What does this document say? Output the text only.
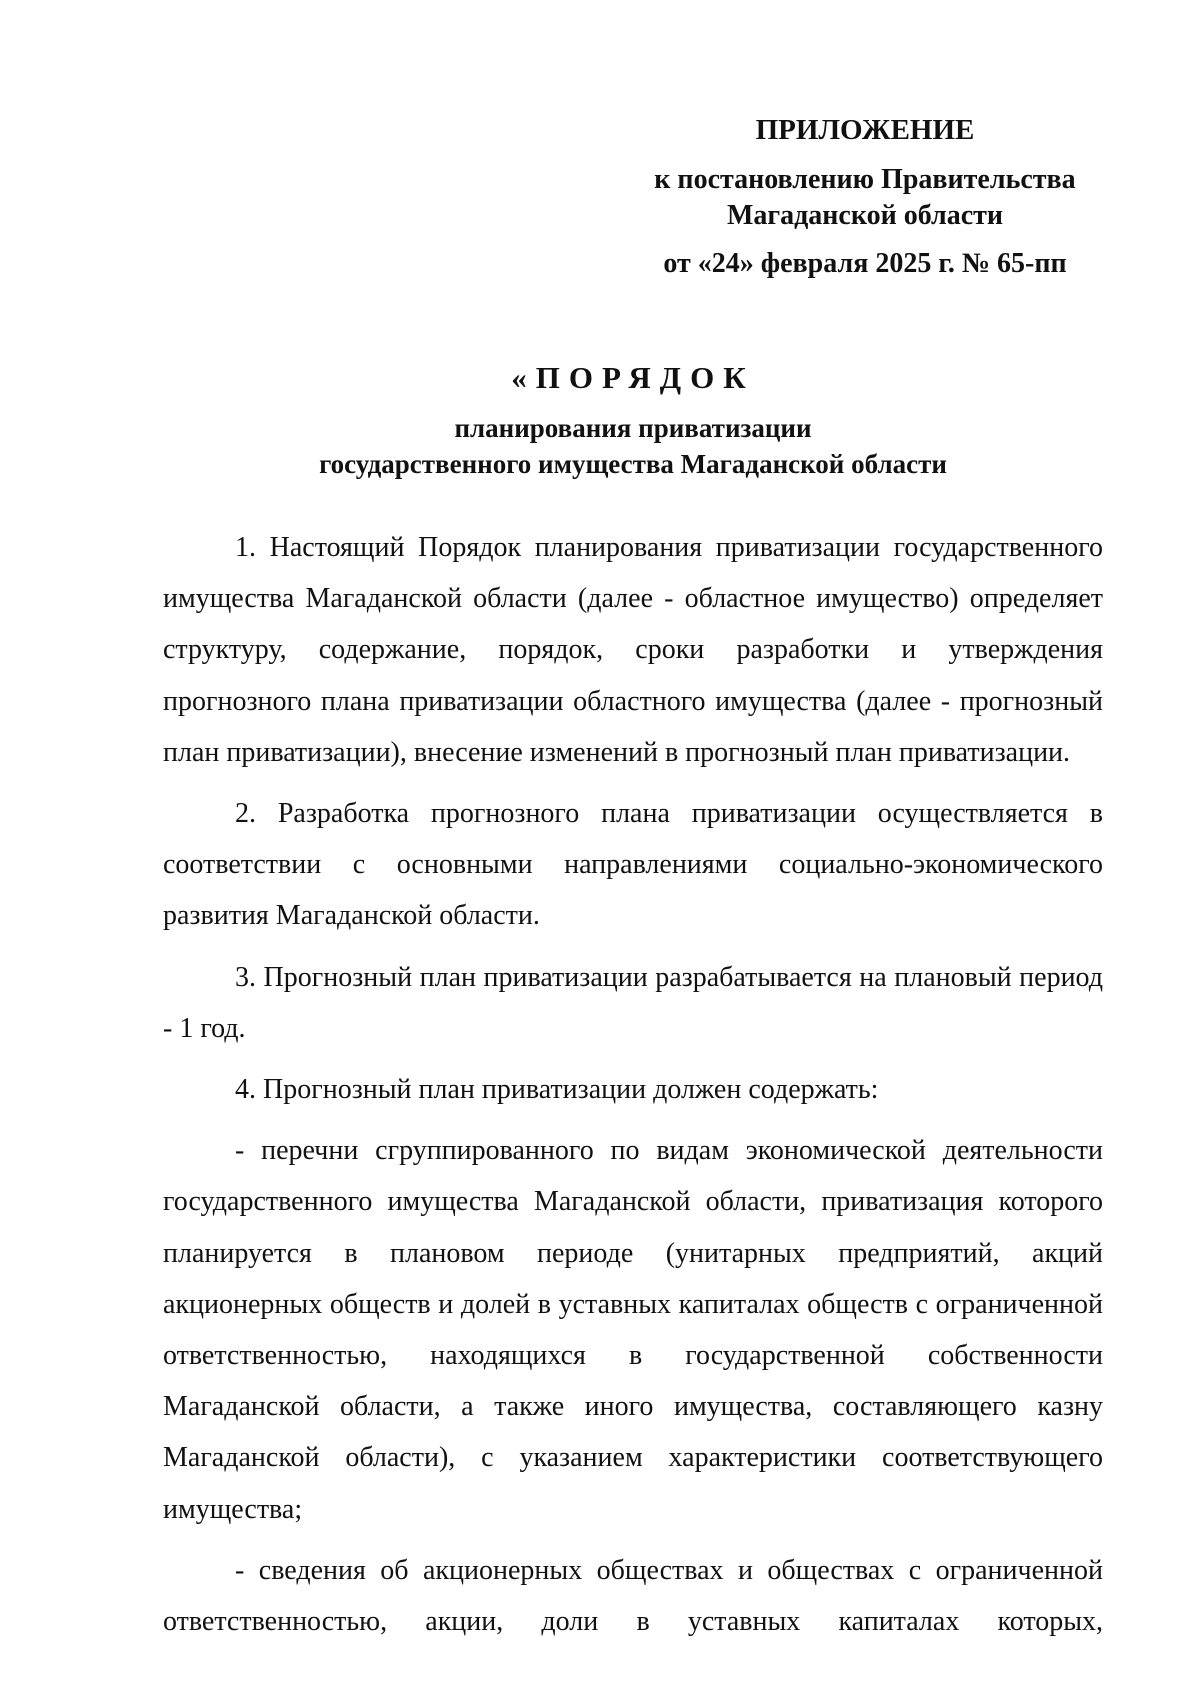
ПРИЛОЖЕНИЕ
к постановлению Правительства
Магаданской области
от «24» февраля 2025 г. № 65-пп
«ПОРЯДОК
планирования приватизации
государственного имущества Магаданской области

1. Настоящий Порядок планирования приватизации государственного имущества Магаданской области (далее - областное имущество) определяет структуру, содержание, порядок, сроки разработки и утверждения прогнозного плана приватизации областного имущества (далее - прогнозный план приватизации), внесение изменений в прогнозный план приватизации.

2. Разработка прогнозного плана приватизации осуществляется в соответствии с основными направлениями социально-экономического развития Магаданской области.

3. Прогнозный план приватизации разрабатывается на плановый период - 1 год.

4. Прогнозный план приватизации должен содержать:

- перечни сгруппированного по видам экономической деятельности государственного имущества Магаданской области, приватизация которого планируется в плановом периоде (унитарных предприятий, акций акционерных обществ и долей в уставных капиталах обществ с ограниченной ответственностью, находящихся в государственной собственности Магаданской области, а также иного имущества, составляющего казну Магаданской области), с указанием характеристики соответствующего имущества;

- сведения об акционерных обществах и обществах с ограниченной ответственностью, акции, доли в уставных капиталах которых,
